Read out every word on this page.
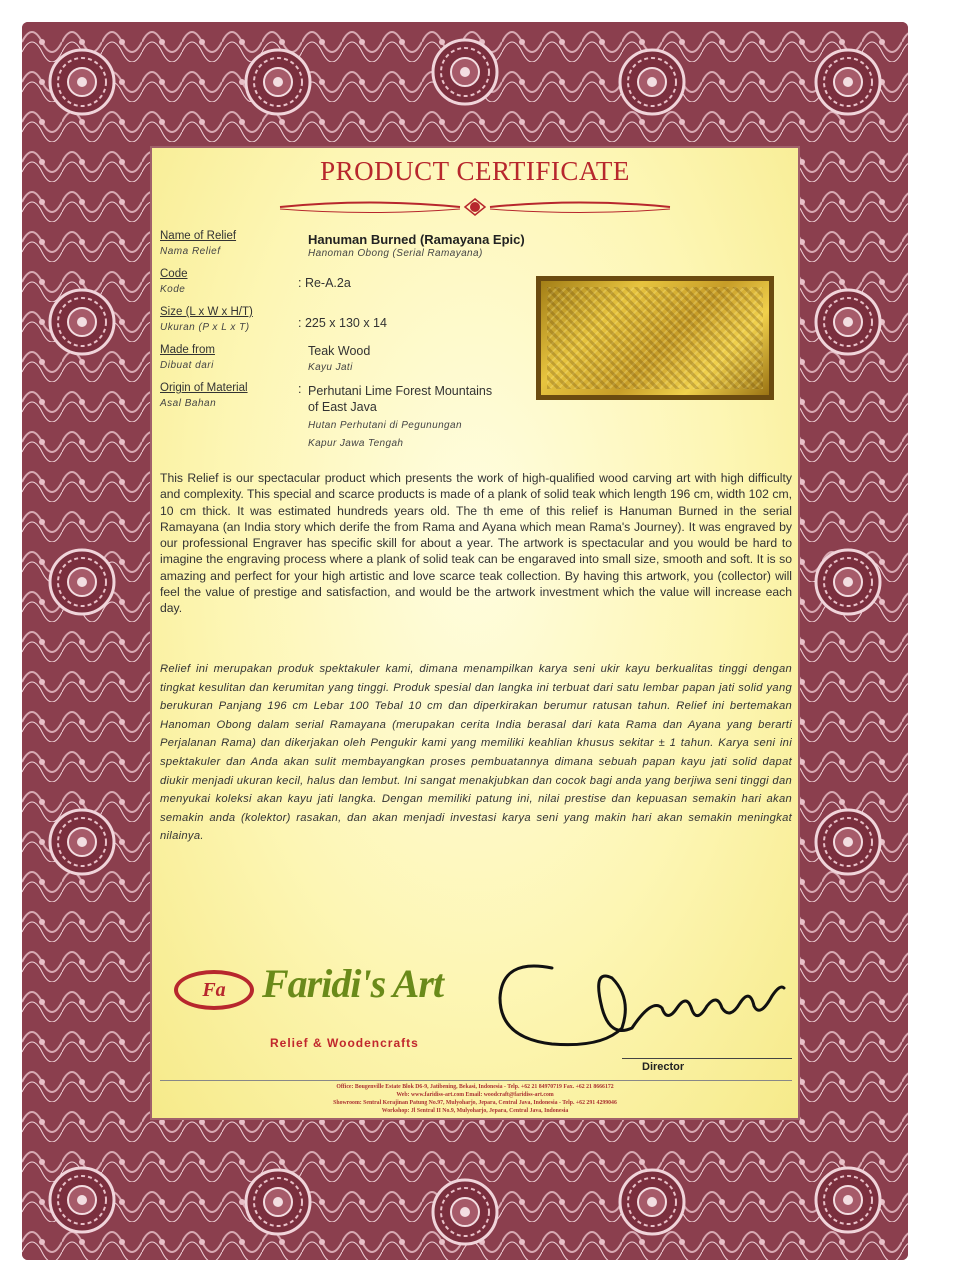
PRODUCT CERTIFICATE
Name of Relief
Nama Relief
Hanuman Burned (Ramayana Epic)
Hanoman Obong (Serial Ramayana)
Code
Kode	: Re-A.2a
Size (L x W x H/T)
Ukuran (P x L x T)	: 225 x 130 x 14
Made from
Dibuat dari
Teak Wood
Kayu Jati
Origin of Material
Asal Bahan
: Perhutani Lime Forest Mountains
of East Java
Hutan Perhutani di Pegunungan
Kapur Jawa Tengah
This Relief is our spectacular product which presents the work of high-qualified wood carving art with high difficulty and complexity. This special and scarce products is made of a plank of solid teak which length 196 cm, width 102 cm, 10 cm thick. It was estimated hundreds years old. The th eme of this relief is Hanuman Burned in the serial Ramayana (an India story which derife the from Rama and Ayana which mean Rama's Journey). It was engraved by our professional Engraver has specific skill for about a year. The artwork is spectacular and you would be hard to imagine the engraving process where a plank of solid teak can be engaraved into small size, smooth and soft. It is so amazing and perfect for your high artistic and love scarce teak collection. By having this artwork, you (collector) will feel the value of prestige and satisfaction, and would be the artwork investment which the value will increase each day.
Relief ini merupakan produk spektakuler kami, dimana menampilkan karya seni ukir kayu berkualitas tinggi dengan tingkat kesulitan dan kerumitan yang tinggi. Produk spesial dan langka ini terbuat dari satu lembar papan jati solid yang berukuran Panjang 196 cm Lebar 100 Tebal 10 cm dan diperkirakan berumur ratusan tahun. Relief ini bertemakan Hanoman Obong dalam serial Ramayana (merupakan cerita India berasal dari kata Rama dan Ayana yang berarti Perjalanan Rama) dan dikerjakan oleh Pengukir kami yang memiliki keahlian khusus sekitar ± 1 tahun. Karya seni ini spektakuler dan Anda akan sulit membayangkan proses pembuatannya dimana sebuah papan kayu jati solid dapat diukir menjadi ukuran kecil, halus dan lembut. Ini sangat menakjubkan dan cocok bagi anda yang berjiwa seni tinggi dan menyukai koleksi akan kayu jati langka. Dengan memiliki patung ini, nilai prestise dan kepuasan semakin hari akan semakin anda (kolektor) rasakan, dan akan menjadi investasi karya seni yang makin hari akan semakin meningkat nilainya.
Fa Faridi's Art
Relief & Woodencrafts
Director
Office: Bougenville Estate Blok D6-9, Jatibening, Bekasi, Indonesia - Telp. +62 21 84970719 Fax. +62 21 8666172
Web: www.faridiss-art.com Email: woodcraft@faridiss-art.com
Showroom: Sentral Kerajinan Patung No.97, Mulyoharjo, Jepara, Central Java, Indonesia - Telp. +62 291 4299046
Workshop: Jl Sentral II No.9, Mulyoharjo, Jepara, Central Java, Indonesia
